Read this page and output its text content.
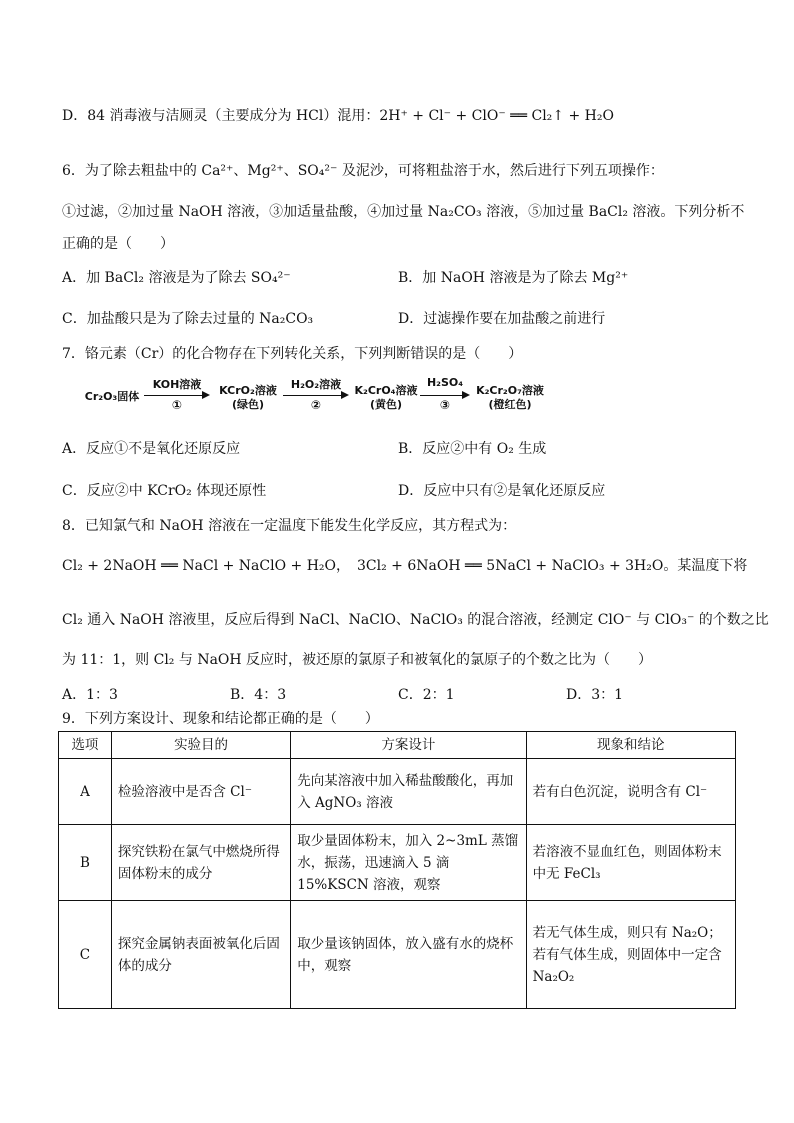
D．84 消毒液与洁厕灵（主要成分为 HCl）混用：2H⁺ + Cl⁻ + ClO⁻ ══ Cl₂↑ + H₂O
6．为了除去粗盐中的 Ca²⁺、Mg²⁺、SO₄²⁻ 及泥沙，可将粗盐溶于水，然后进行下列五项操作：
①过滤，②加过量 NaOH 溶液，③加适量盐酸，④加过量 Na₂CO₃ 溶液，⑤加过量 BaCl₂ 溶液。下列分析不
正确的是（　　）
A．加 BaCl₂ 溶液是为了除去 SO₄²⁻	B．加 NaOH 溶液是为了除去 Mg²⁺
C．加盐酸只是为了除去过量的 Na₂CO₃	D．过滤操作要在加盐酸之前进行
7．铬元素（Cr）的化合物存在下列转化关系，下列判断错误的是（　　）
Cr₂O₃固体
KOH溶液
①
KCrO₂溶液
(绿色)
H₂O₂溶液
②
K₂CrO₄溶液
(黄色)
H₂SO₄
③
K₂Cr₂O₇溶液
(橙红色)
A．反应①不是氧化还原反应	B．反应②中有 O₂ 生成
C．反应②中 KCrO₂ 体现还原性	D．反应中只有②是氧化还原反应
8．已知氯气和 NaOH 溶液在一定温度下能发生化学反应，其方程式为：
Cl₂ + 2NaOH ══ NaCl + NaClO + H₂O， 3Cl₂ + 6NaOH ══ 5NaCl + NaClO₃ + 3H₂O。某温度下将
Cl₂ 通入 NaOH 溶液里，反应后得到 NaCl、NaClO、NaClO₃ 的混合溶液，经测定 ClO⁻ 与 ClO₃⁻ 的个数之比
为 11：1，则 Cl₂ 与 NaOH 反应时，被还原的氯原子和被氧化的氯原子的个数之比为（　　）
A．1：3	B．4：3	C．2：1	D．3：1
9．下列方案设计、现象和结论都正确的是（　　）
选项	实验目的	方案设计	现象和结论
A	检验溶液中是否含 Cl⁻	先向某溶液中加入稀盐酸酸化，再加入 AgNO₃ 溶液	若有白色沉淀，说明含有 Cl⁻
B	探究铁粉在氯气中燃烧所得固体粉末的成分	取少量固体粉末，加入 2~3mL 蒸馏水，振荡，迅速滴入 5 滴 15%KSCN 溶液，观察	若溶液不显血红色，则固体粉末中无 FeCl₃
C	探究金属钠表面被氧化后固体的成分	取少量该钠固体，放入盛有水的烧杯中，观察	若无气体生成，则只有 Na₂O；若有气体生成，则固体中一定含 Na₂O₂
